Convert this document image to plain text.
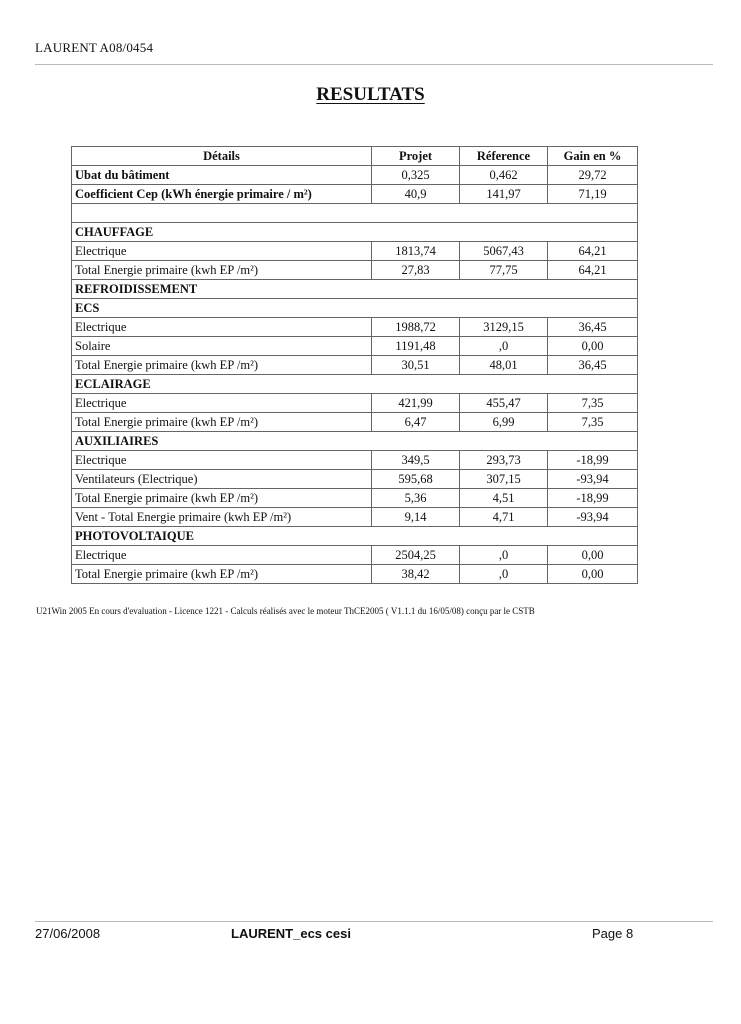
LAURENT A08/0454
RESULTATS
Détails	Projet	Réference	Gain en %
Ubat du bâtiment	0,325	0,462	29,72
Coefficient Cep (kWh énergie primaire / m²)	40,9	141,97	71,19

CHAUFFAGE			
Electrique	1813,74	5067,43	64,21
Total Energie primaire (kwh EP /m²)	27,83	77,75	64,21
REFROIDISSEMENT			
ECS			
Electrique	1988,72	3129,15	36,45
Solaire	1191,48	,0	0,00
Total Energie primaire (kwh EP /m²)	30,51	48,01	36,45
ECLAIRAGE			
Electrique	421,99	455,47	7,35
Total Energie primaire (kwh EP /m²)	6,47	6,99	7,35
AUXILIAIRES			
Electrique	349,5	293,73	-18,99
Ventilateurs (Electrique)	595,68	307,15	-93,94
Total Energie primaire (kwh EP /m²)	5,36	4,51	-18,99
Vent - Total Energie primaire (kwh EP /m²)	9,14	4,71	-93,94
PHOTOVOLTAIQUE			
Electrique	2504,25	,0	0,00
Total Energie primaire (kwh EP /m²)	38,42	,0	0,00
U21Win 2005 En cours d'evaluation - Licence 1221 - Calculs réalisés avec le moteur ThCE2005 ( V1.1.1 du 16/05/08) conçu par le CSTB
27/06/2008	LAURENT_ecs cesi	Page 8
